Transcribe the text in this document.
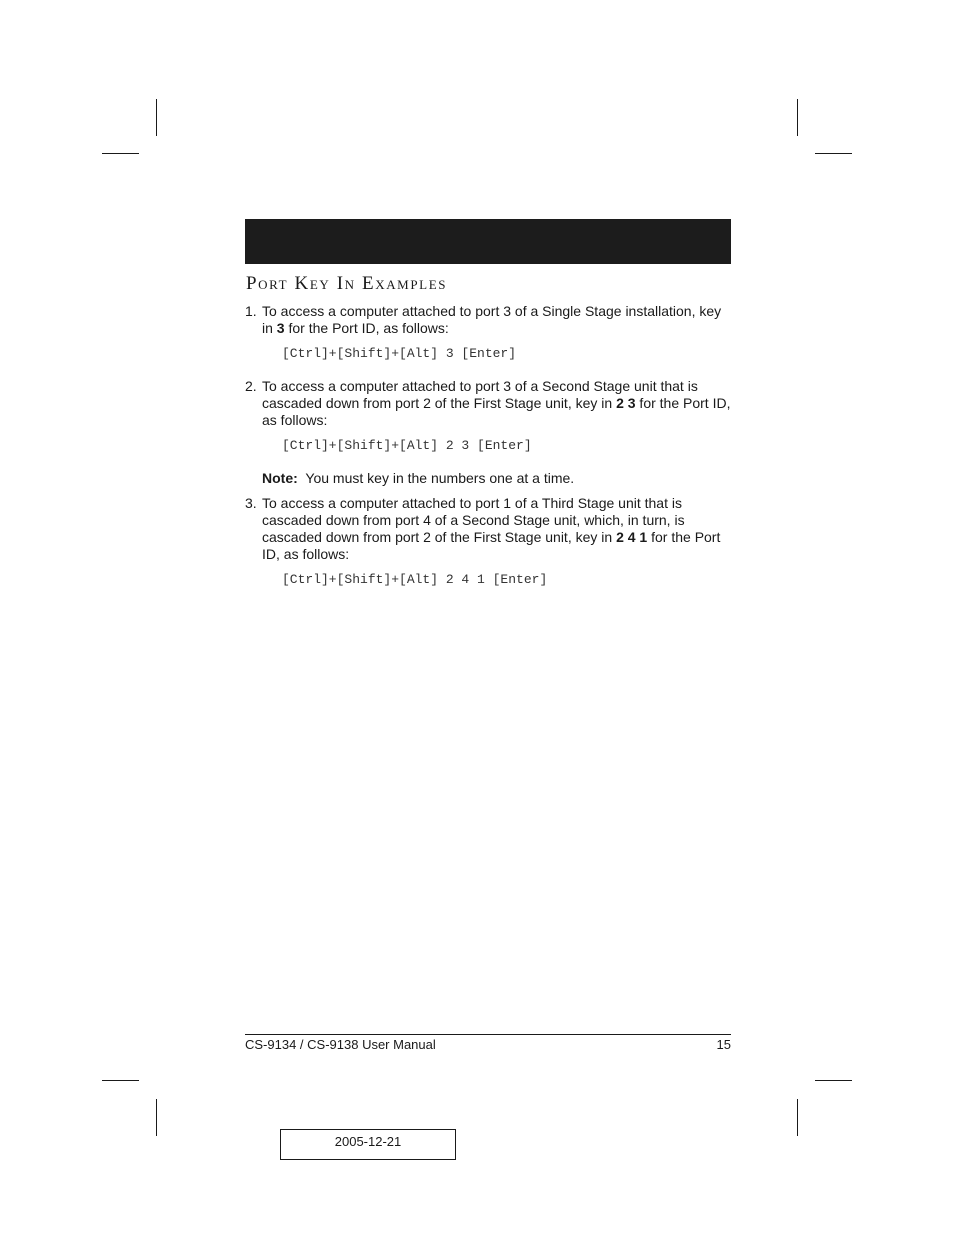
Port Key In Examples
1. To access a computer attached to port 3 of a Single Stage installation, key in 3 for the Port ID, as follows:

[Ctrl]+[Shift]+[Alt] 3 [Enter]

2. To access a computer attached to port 3 of a Second Stage unit that is cascaded down from port 2 of the First Stage unit, key in 2 3 for the Port ID, as follows:

[Ctrl]+[Shift]+[Alt] 2 3 [Enter]

Note: You must key in the numbers one at a time.

3. To access a computer attached to port 1 of a Third Stage unit that is cascaded down from port 4 of a Second Stage unit, which, in turn, is cascaded down from port 2 of the First Stage unit, key in 2 4 1 for the Port ID, as follows:

[Ctrl]+[Shift]+[Alt] 2 4 1 [Enter]

CS-9134 / CS-9138 User Manual	15
2005-12-21
